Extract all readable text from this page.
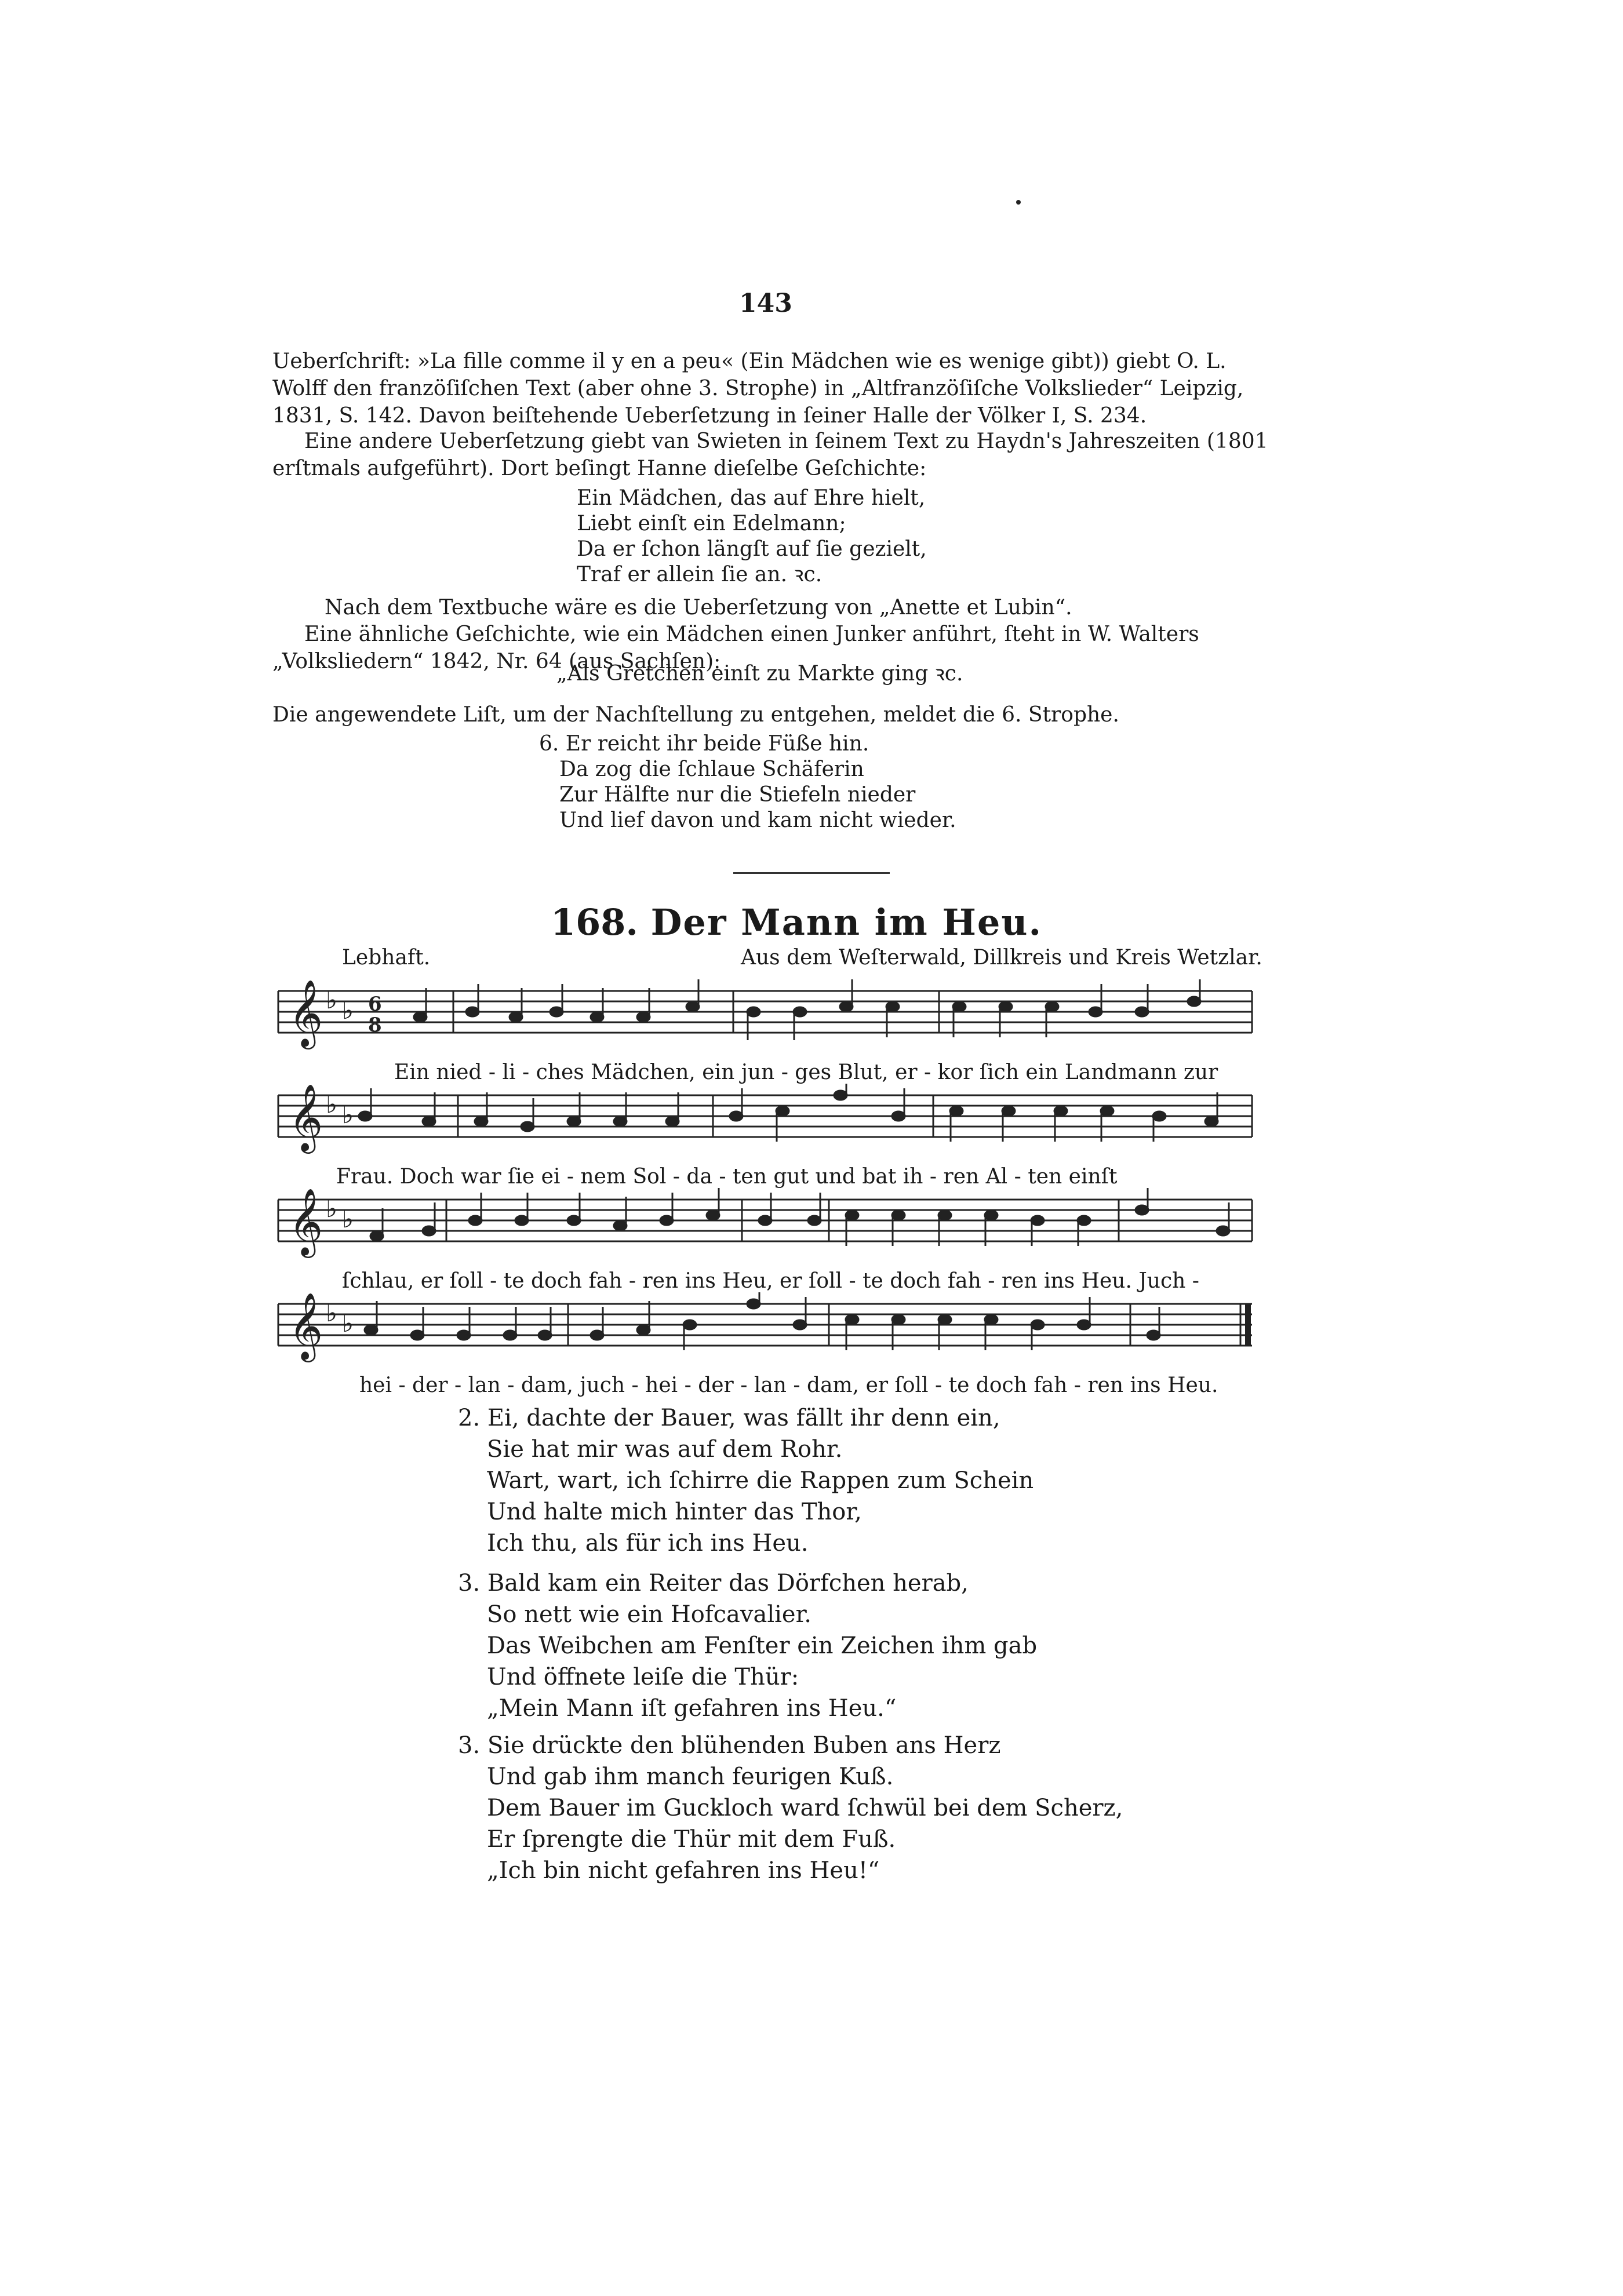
143
Ueberſchrift: »La fille comme il y en a peu« (Ein Mädchen wie es wenige gibt)) giebt O. L. Wolff den franzöſiſchen Text (aber ohne 3. Strophe) in „Altfranzöſiſche Volkslieder“ Leipzig, 1831, S. 142. Davon beiſtehende Ueberſetzung in ſeiner Halle der Völker I, S. 234.
Eine andere Ueberſetzung giebt van Swieten in ſeinem Text zu Haydn's Jahreszeiten (1801 erſtmals aufgeführt). Dort beſingt Hanne dieſelbe Geſchichte:
Ein Mädchen, das auf Ehre hielt,
Liebt einſt ein Edelmann;
Da er ſchon längſt auf ſie gezielt,
Traf er allein ſie an. ꝛc.
Nach dem Textbuche wäre es die Ueberſetzung von „Anette et Lubin“.
Eine ähnliche Geſchichte, wie ein Mädchen einen Junker anführt, ſteht in W. Walters „Volksliedern“ 1842, Nr. 64 (aus Sachſen):
„Als Gretchen einſt zu Markte ging ꝛc.
Die angewendete Liſt, um der Nachſtellung zu entgehen, meldet die 6. Strophe.
6. Er reicht ihr beide Füße hin.
Da zog die ſchlaue Schäferin
Zur Hälfte nur die Stiefeln nieder
Und lief davon und kam nicht wieder.
168. Der Mann im Heu.
Lebhaft.	Aus dem Weſterwald, Dillkreis und Kreis Wetzlar.
𝄞 ♭ ♭ 6
8
Ein nied - li - ches Mädchen, ein jun - ges Blut, er - kor ſich ein Landmann zur
𝄞 ♭ ♭
Frau. Doch war ſie ei - nem Sol - da - ten gut und bat ih - ren Al - ten einſt
𝄞 ♭ ♭
ſchlau, er ſoll - te doch fah - ren ins Heu, er ſoll - te doch fah - ren ins Heu. Juch -
𝄞 ♭ ♭
hei - der - lan - dam, juch - hei - der - lan - dam, er ſoll - te doch fah - ren ins Heu.
2. Ei, dachte der Bauer, was fällt ihr denn ein,
Sie hat mir was auf dem Rohr.
Wart, wart, ich ſchirre die Rappen zum Schein
Und halte mich hinter das Thor,
Ich thu, als für ich ins Heu.
3. Bald kam ein Reiter das Dörfchen herab,
So nett wie ein Hofcavalier.
Das Weibchen am Fenſter ein Zeichen ihm gab
Und öffnete leiſe die Thür:
„Mein Mann iſt gefahren ins Heu.“
3. Sie drückte den blühenden Buben ans Herz
Und gab ihm manch feurigen Kuß.
Dem Bauer im Guckloch ward ſchwül bei dem Scherz,
Er ſprengte die Thür mit dem Fuß.
„Ich bin nicht gefahren ins Heu!“
